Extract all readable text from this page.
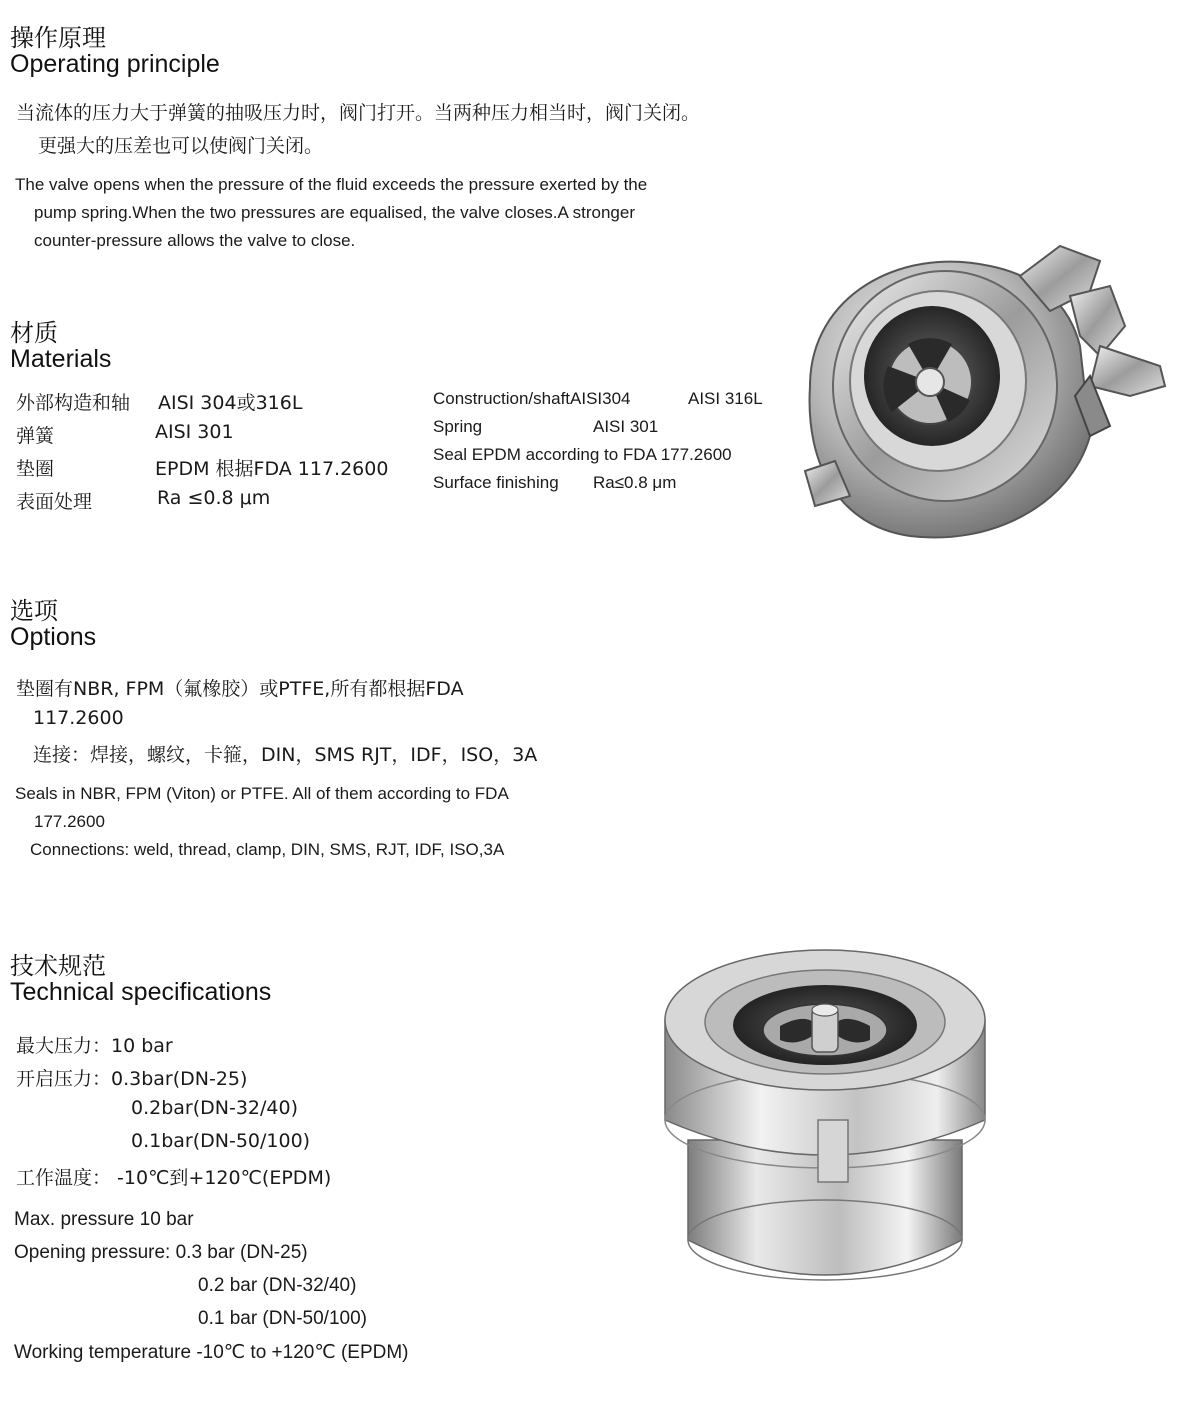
操作原理
Operating principle
当流体的压力大于弹簧的抽吸压力时，阀门打开。当两种压力相当时，阀门关闭。
更强大的压差也可以使阀门关闭。
The valve opens when the pressure of the fluid exceeds the pressure exerted by the
pump spring.When the two pressures are equalised, the valve closes.A stronger
counter-pressure allows the valve to close.
材质
Materials
外部构造和轴 AISI 304或316L
弹簧	AISI 301
垫圈	EPDM 根据FDA 117.2600
表面处理	Ra ≤0.8 μm
Construction/shaftAISI304	AISI 316L
Spring	AISI 301
Seal EPDM according to FDA 177.2600
Surface finishing Ra≤0.8 μm
选项
Options
垫圈有NBR, FPM（氟橡胶）或PTFE,所有都根据FDA
117.2600
连接：焊接，螺纹，卡箍，DIN，SMS RJT，IDF，ISO，3A
Seals in NBR, FPM (Viton) or PTFE. All of them according to FDA
177.2600
Connections: weld, thread, clamp, DIN, SMS, RJT, IDF, ISO,3A
技术规范
Technical specifications
最大压力：10 bar
开启压力：0.3bar(DN-25)
0.2bar(DN-32/40)
0.1bar(DN-50/100)
工作温度： -10℃到+120℃(EPDM)
Max. pressure 10 bar
Opening pressure: 0.3 bar (DN-25)
0.2 bar (DN-32/40)
0.1 bar (DN-50/100)
Working temperature -10℃ to +120℃ (EPDM)
